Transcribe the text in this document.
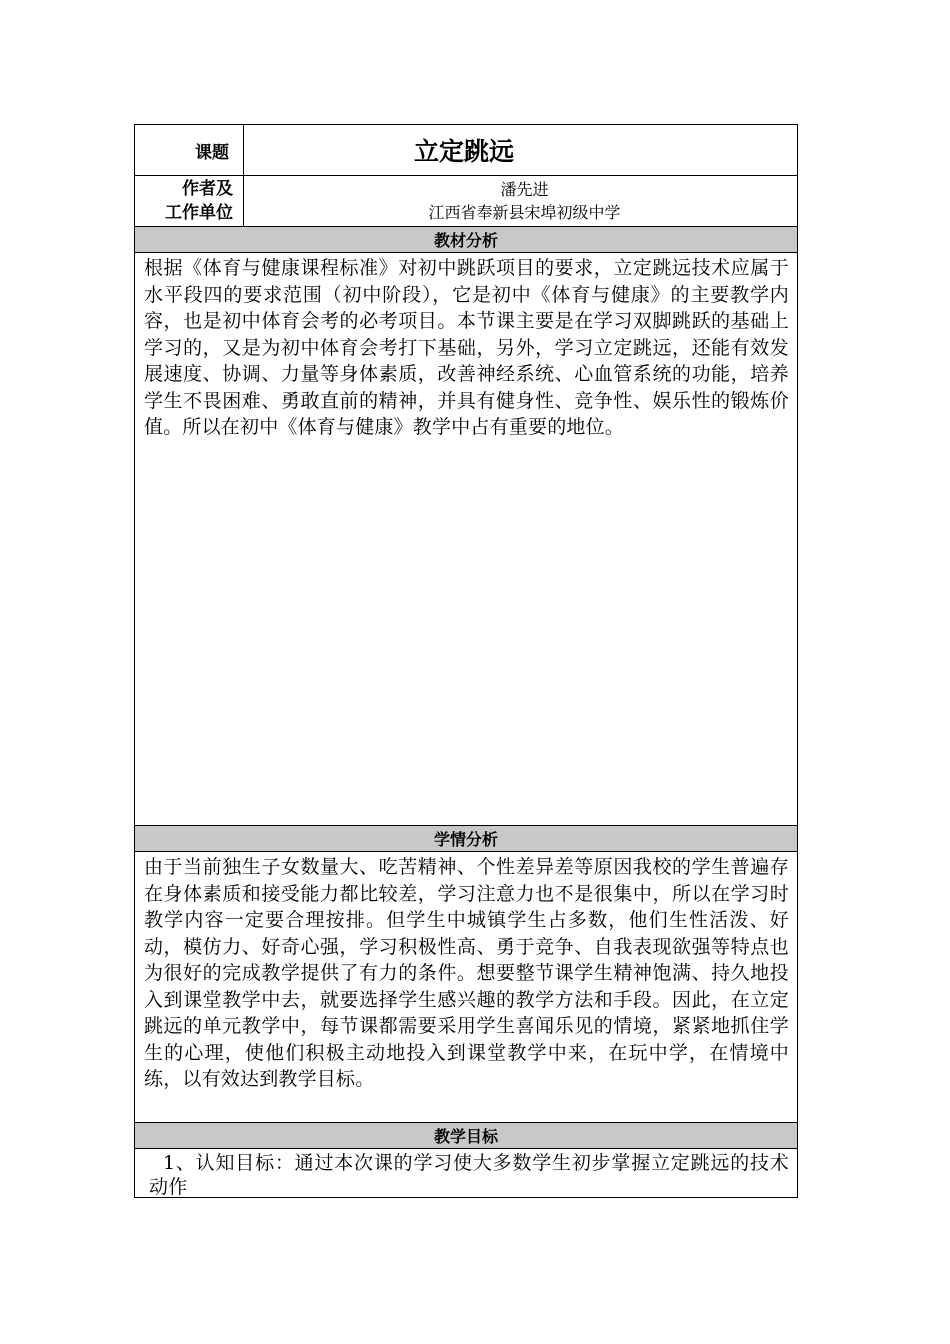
课题	立定跳远
作者及
工作单位
潘先进
江西省奉新县宋埠初级中学
教材分析
根据《体育与健康课程标准》对初中跳跃项目的要求，立定跳远技术应属于水平段四的要求范围（初中阶段），它是初中《体育与健康》的主要教学内容，也是初中体育会考的必考项目。本节课主要是在学习双脚跳跃的基础上学习的，又是为初中体育会考打下基础，另外，学习立定跳远，还能有效发展速度、协调、力量等身体素质，改善神经系统、心血管系统的功能，培养学生不畏困难、勇敢直前的精神，并具有健身性、竞争性、娱乐性的锻炼价值。所以在初中《体育与健康》教学中占有重要的地位。
学情分析
由于当前独生子女数量大、吃苦精神、个性差异差等原因我校的学生普遍存在身体素质和接受能力都比较差，学习注意力也不是很集中，所以在学习时教学内容一定要合理按排。但学生中城镇学生占多数，他们生性活泼、好动，模仿力、好奇心强，学习积极性高、勇于竞争、自我表现欲强等特点也为很好的完成教学提供了有力的条件。想要整节课学生精神饱满、持久地投入到课堂教学中去，就要选择学生感兴趣的教学方法和手段。因此，在立定跳远的单元教学中，每节课都需要采用学生喜闻乐见的情境，紧紧地抓住学生的心理，使他们积极主动地投入到课堂教学中来，在玩中学，在情境中练，以有效达到教学目标。
教学目标
1、认知目标：通过本次课的学习使大多数学生初步掌握立定跳远的技术动作
